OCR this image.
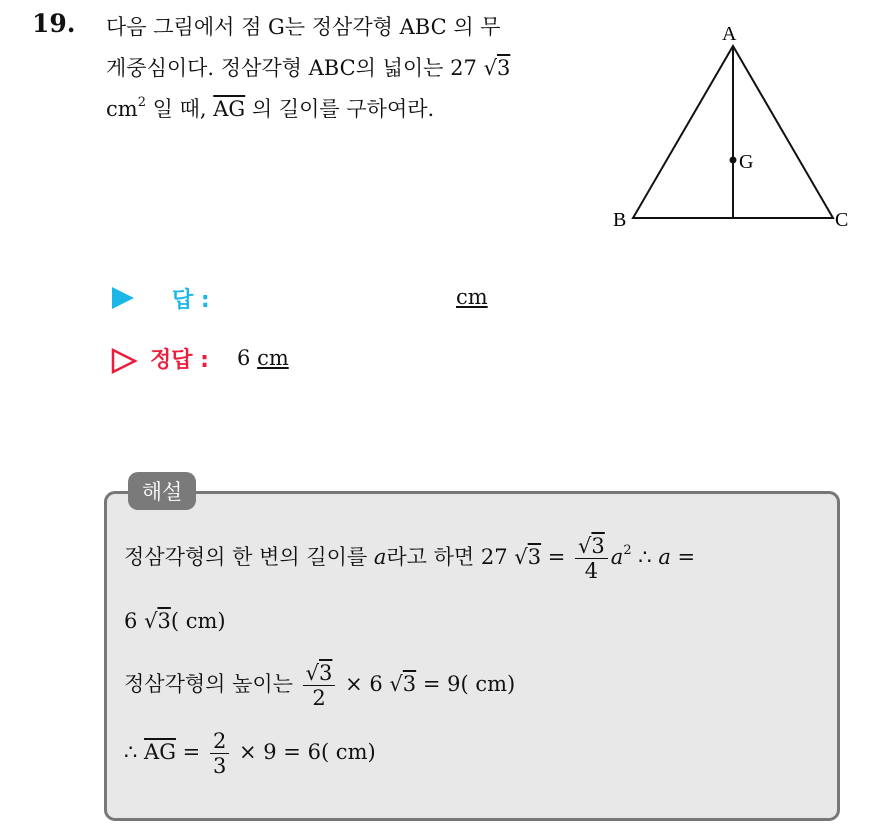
19. 다음 그림에서 점 G는 정삼각형 ABC 의 무
게중심이다. 정삼각형 ABC의 넓이는 27 √3
$cm^2$ 일 때, $\overline{AG}$ 의 길이를 구하여라.
A
B	C
G
답 :	cm
정답 : 6 cm
해설
정삼각형의 한 변의 길이를 a라고 하면 27 $√3 = \frac{√3}{4} a^2$ ∴ a =
6 √3( cm)
정삼각형의 높이는 $\frac{√3}{2} \times 6$ √3 = 9( cm)
∴ $\overline{AG} = \frac{2}{3} \times 9 = 6$( cm)
